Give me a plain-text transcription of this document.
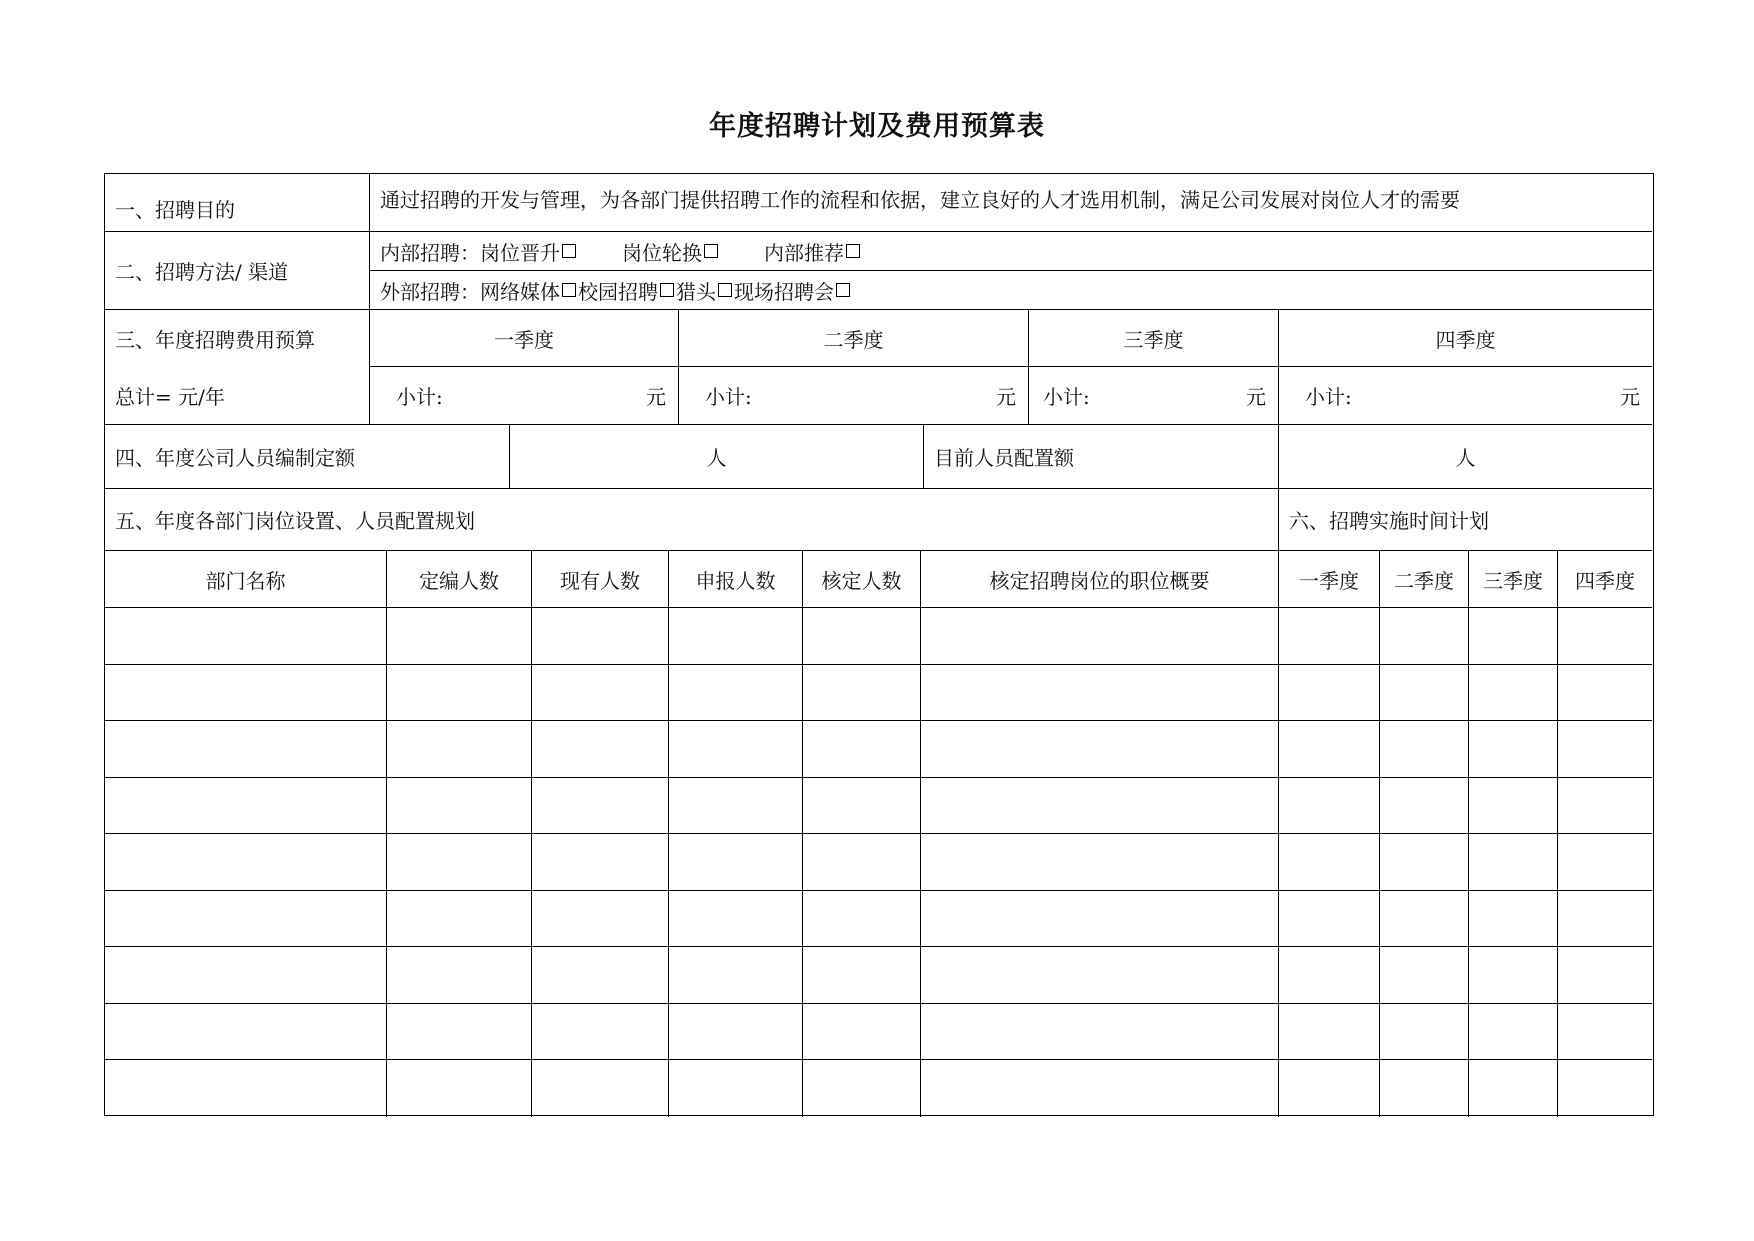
年度招聘计划及费用预算表
一、招聘目的	通过招聘的开发与管理，为各部门提供招聘工作的流程和依据，建立良好的人才选用机制，满足公司发展对岗位人才的需要
二、招聘方法/ 渠道
内部招聘： 岗位晋升	岗位轮换	内部推荐
外部招聘： 网络媒体 校园招聘 猎头 现场招聘会
三、年度招聘费用预算
总计= 元/年
一季度	二季度	三季度	四季度
小计:	元 小计:	元 小计:	元 小计:	元
四、年度公司人员编制定额	人	目前人员配置额	人
五、年度各部门岗位设置、人员配置规划	六、招聘实施时间计划
部门名称	定编人数	现有人数	申报人数	核定人数	核定招聘岗位的职位概要	一季度	二季度	三季度	四季度
